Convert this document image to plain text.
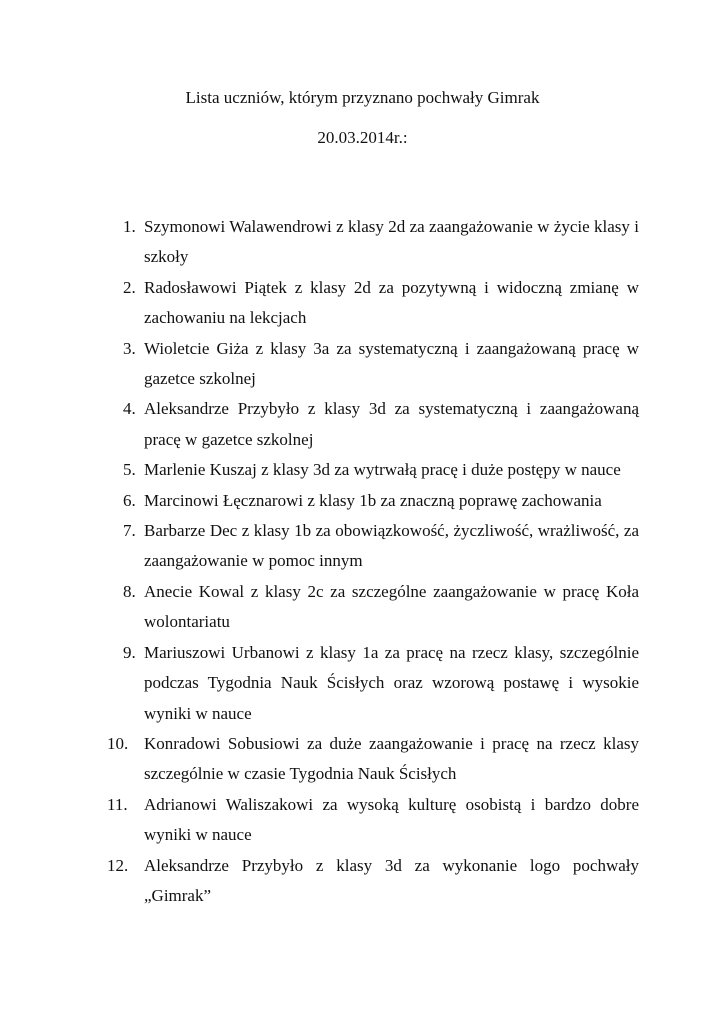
Lista uczniów, którym przyznano pochwały Gimrak
20.03.2014r.:
1. Szymonowi Walawendrowi z klasy 2d za zaangażowanie w życie klasy i szkoły
2. Radosławowi Piątek z klasy 2d za pozytywną i widoczną zmianę w zachowaniu na lekcjach
3. Wioletcie Giża z klasy 3a za systematyczną i zaangażowaną pracę w gazetce szkolnej
4. Aleksandrze Przybyło z klasy 3d za systematyczną i zaangażowaną pracę w gazetce szkolnej
5. Marlenie Kuszaj z klasy 3d za wytrwałą pracę i duże postępy w nauce
6. Marcinowi Łęcznarowi z klasy 1b za znaczną poprawę zachowania
7. Barbarze Dec z klasy 1b za obowiązkowość, życzliwość, wrażliwość, za zaangażowanie w pomoc innym
8. Anecie Kowal z klasy 2c za szczególne zaangażowanie w pracę Koła wolontariatu
9. Mariuszowi Urbanowi z klasy 1a za pracę na rzecz klasy, szczególnie podczas Tygodnia Nauk Ścisłych oraz wzorową postawę i wysokie wyniki w nauce
10. Konradowi Sobusiowi za duże zaangażowanie i pracę na rzecz klasy szczególnie w czasie Tygodnia Nauk Ścisłych
11. Adrianowi Waliszakowi za wysoką kulturę osobistą i bardzo dobre wyniki w nauce
12. Aleksandrze Przybyło z klasy 3d za wykonanie logo pochwały „Gimrak”
